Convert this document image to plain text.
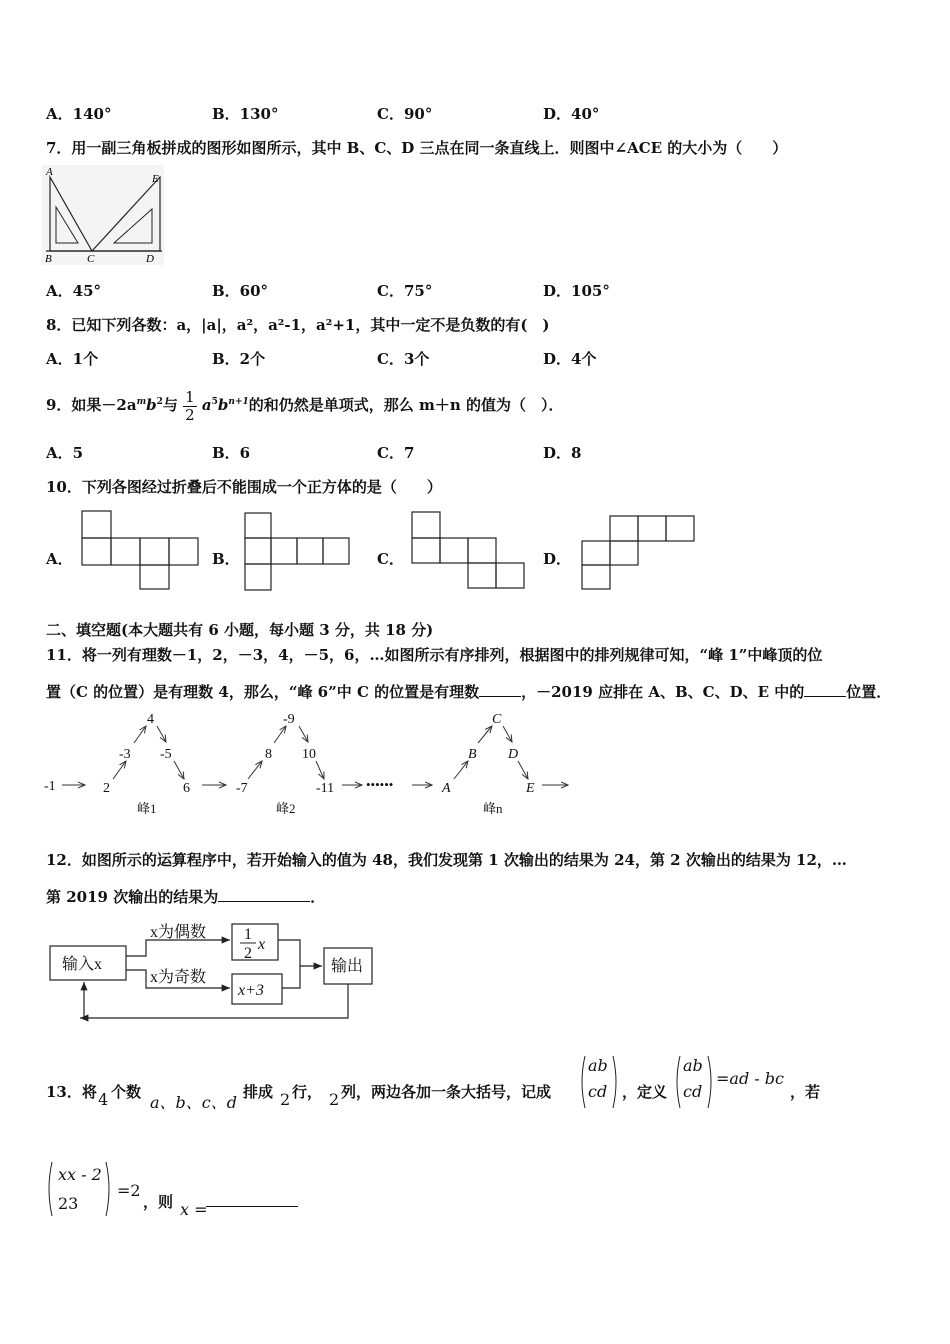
A．140°	B．130°	C．90°	D．40°
7．用一副三角板拼成的图形如图所示，其中 B、C、D 三点在同一条直线上．则图中∠ACE 的大小为（　　）
A
E
B	C	D
A．45°	B．60°	C．75°	D．105°
8．已知下列各数：a，|a|，a²，a²-1，a²+1，其中一定不是负数的有(　)
A．1个	B．2个	C．3个	D．4个
9．如果$-2a^mb^2$与 $\frac{1}{2} a^5b^{n+1}$的和仍然是单项式，那么 m＋n 的值为（　）．
A．5	B．6	C．7	D．8
10．下列各图经过折叠后不能围成一个正方体的是（　　）
A．	B．	C．	D．
二、填空题(本大题共有 6 小题，每小题 3 分，共 18 分)
11．将一列有理数－1，2，－3，4，－5，6，…如图所示有序排列，根据图中的排列规律可知，“峰 1”中峰顶的位
置（C 的位置）是有理数 4，那么，“峰 6”中 C 的位置是有理数	，－2019 应排在 A、B、C、D、E 中的	位置．
-1	2
-3
4
-5
6
峰1
-7
8
-9
10
-11
峰2
••••••	A
B
C
D
E
峰n
12．如图所示的运算程序中，若开始输入的值为 48，我们发现第 1 次输出的结果为 24，第 2 次输出的结果为 12，…
第 2019 次输出的结果为	．
输入x
x为偶数
x为奇数
1
2
x
x+3
输出
13．将 4 个数
a、b、c、d
排成 2 行， 2 列，两边各加一条大括号，记成
ab
cd ，定义
ab
cd
=ad - bc
，若
xx - 2
23
=2
，则 x =
